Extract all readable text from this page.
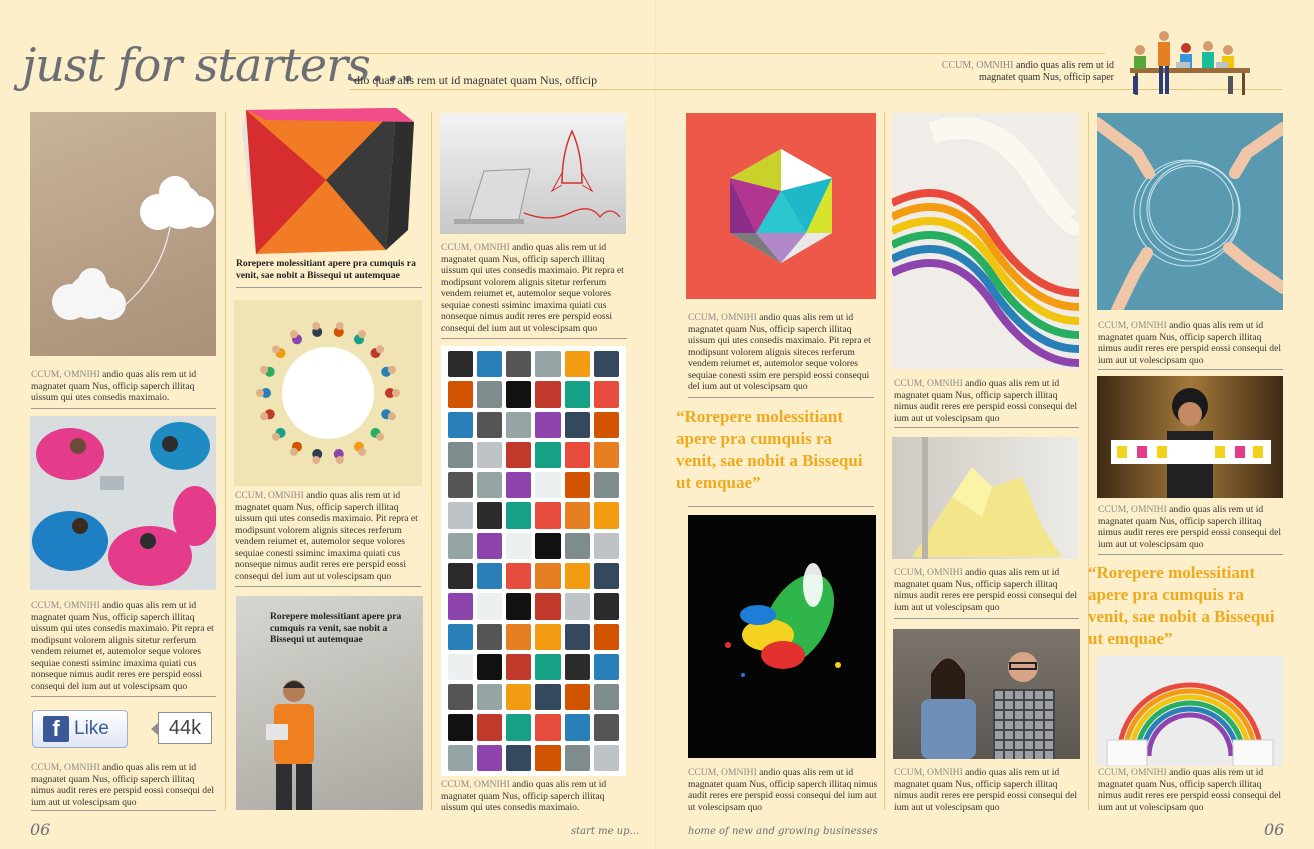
just for starters…
dio quas alis rem ut id magnatet quam Nus, officip
CCUM, OMNIHI andio quas alis rem ut id magnatet quam Nus, officip saper
CCUM, OMNIHI andio quas alis rem ut id magnatet quam Nus, officip saperch illitaq uissum qui utes consedis maximaio.
CCUM, OMNIHI andio quas alis rem ut id magnatet quam Nus, officip saperch illitaq uissum qui utes consedis maximaio. Pit repra et modipsunt volorem alignis sitetur rerferum vendem reiumet et, autemolor seque volores sequiae conesti ssiminc imaxima quiati cus nonseque nimus audit reres ere perspid eossi consequi del ium aut ut volescipsam quo
f Like	44k
CCUM, OMNIHI andio quas alis rem ut id magnatet quam Nus, officip saperch illitaq nimus audit reres ere perspid eossi consequi del ium aut ut volescipsam quo
Rorepere molessitiant apere pra cumquis ra venit, sae nobit a Bissequi ut autemquae
CCUM, OMNIHI andio quas alis rem ut id magnatet quam Nus, officip saperch illitaq uissum qui utes consedis maximaio. Pit repra et modipsunt volorem alignis siteces rerferum vendem reiumet et, autemolor seque volores sequiae conesti ssiminc imaxima quiati cus nonseque nimus audit reres ere perspid eossi consequi del ium aut ut volescipsam quo
Rorepere molessitiant apere pra cumquis ra venit, sae nobit a Bissequi ut autemquae
CCUM, OMNIHI andio quas alis rem ut id magnatet quam Nus, officip saperch illitaq uissum qui utes consedis maximaio. Pit repra et modipsunt volorem alignis sitetur rerferum vendem reiumet et, autemolor seque volores sequiae conesti ssiminc imaxima quiati cus nonseque nimus audit reres ere perspid eossi consequi del ium aut ut volescipsam quo
CCUM, OMNIHI andio quas alis rem ut id magnatet quam Nus, officip saperch illitaq uissum qui utes consedis maximaio.
CCUM, OMNIHI andio quas alis rem ut id magnatet quam Nus, officip saperch illitaq uissum qui utes consedis maximaio. Pit repra et modipsunt volorem alignis siteces rerferum vendem reiumet et, autemolor seque volores sequiae conesti ssim ere perspid eossi consequi del ium aut ut volescipsam quo
“Rorepere molessitiant apere pra cumquis ra venit, sae nobit a Bissequi ut emquae”
CCUM, OMNIHI andio quas alis rem ut id magnatet quam Nus, officip saperch illitaq nimus audit reres ere perspid eossi consequi del ium aut ut volescipsam quo
CCUM, OMNIHI andio quas alis rem ut id magnatet quam Nus, officip saperch illitaq nimus audit reres ere perspid eossi consequi del ium aut ut volescipsam quo
CCUM, OMNIHI andio quas alis rem ut id magnatet quam Nus, officip saperch illitaq nimus audit reres ere perspid eossi consequi del ium aut ut volescipsam quo
CCUM, OMNIHI andio quas alis rem ut id magnatet quam Nus, officip saperch illitaq nimus audit reres ere perspid eossi consequi del ium aut ut volescipsam quo
CCUM, OMNIHI andio quas alis rem ut id magnatet quam Nus, officip saperch illitaq nimus audit reres ere perspid eossi consequi del ium aut ut volescipsam quo
CCUM, OMNIHI andio quas alis rem ut id magnatet quam Nus, officip saperch illitaq nimus audit reres ere perspid eossi consequi del ium aut ut volescipsam quo
“Rorepere molessitiant apere pra cumquis ra venit, sae nobit a Bissequi ut emquae”
CCUM, OMNIHI andio quas alis rem ut id magnatet quam Nus, officip saperch illitaq nimus audit reres ere perspid eossi consequi del ium aut ut volescipsam quo
06	start me up…	home of new and growing businesses	06
